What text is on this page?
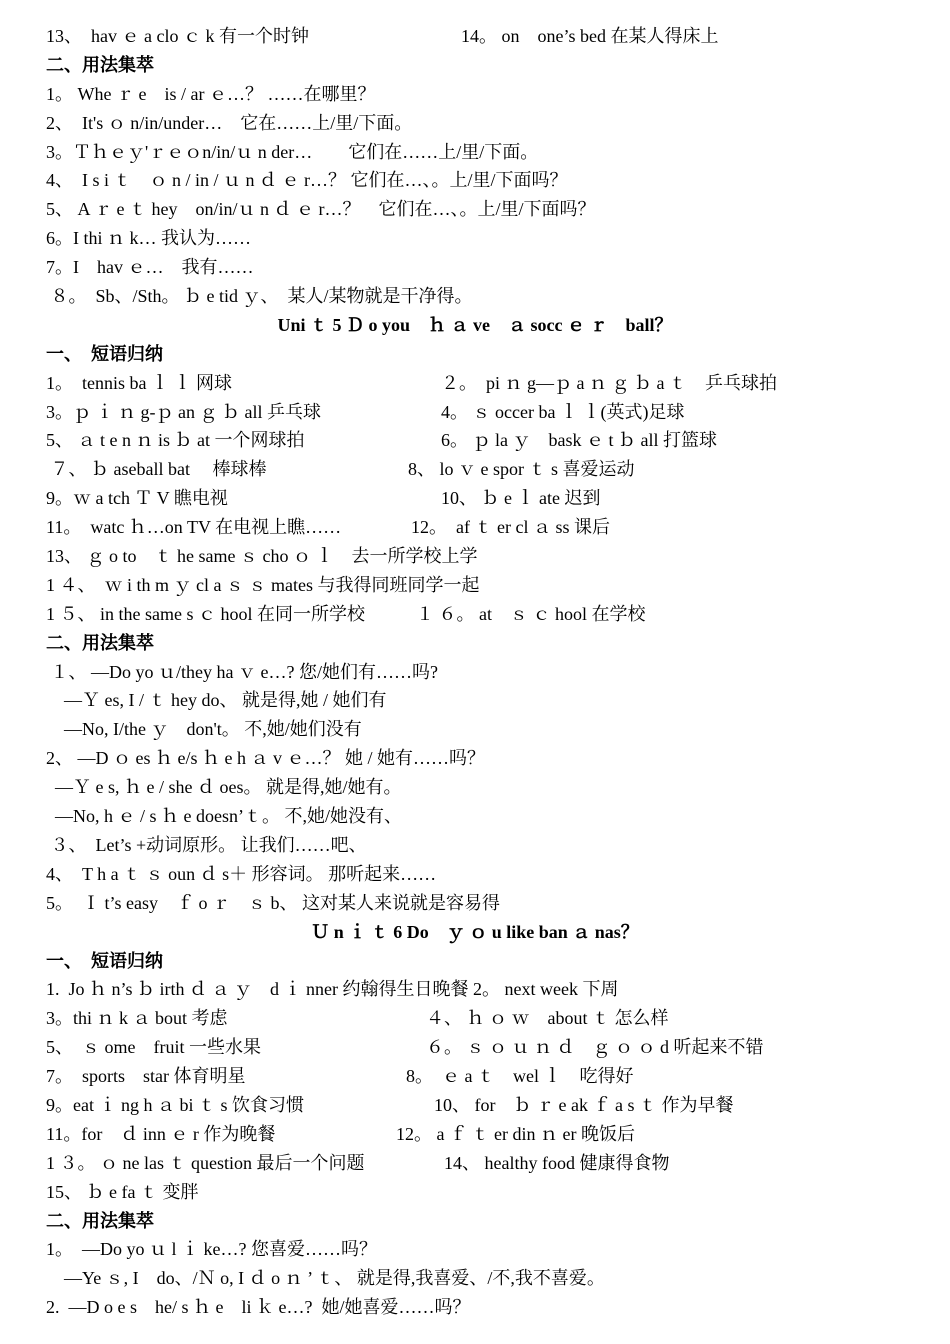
13、　hav ｅ a clo ｃ k 有一个时钟	14。 on　one’s bed 在某人得床上
二、用法集萃
1。 Whe ｒ e　is / ar ｅ…？ ……在哪里？
2、　It's ｏ n/in/under…　它在……上/里/下面。
3。Ｔｈｅｙ'ｒｅｏn/in/ｕ n der…　　它们在……上/里/下面。
4、　I s i ｔ　ｏ n / in / ｕ n ｄ ｅ r…？ 它们在…、。上/里/下面吗？
5、 A ｒ e ｔ hey　on/in/ｕ n ｄ ｅ r…？　它们在…、。上/里/下面吗？
6。I thi ｎ k… 我认为……
7。I　hav ｅ…　我有……
８。　Sb、/Sth。 ｂ e tid ｙ、　某人/某物就是干净得。
Uni ｔ 5 Ｄ o you　ｈ ａ ve　ａ socc ｅ ｒ　ball？
一、　短语归纳
1。　tennis ba ｌ ｌ 网球	２。　pi ｎ g—ｐ a ｎ ｇ ｂ a ｔ　乒乓球拍
3。ｐ ｉ ｎ g-ｐ an ｇ ｂ all 乒乓球	4。 ｓ occer ba ｌ ｌ(英式)足球
5、 ａ t e n ｎ is ｂ at 一个网球拍	6。 ｐ la ｙ　bask ｅ t ｂ all 打篮球
７、 ｂ aseball bat　 棒球棒	8、 lo ｖ e spor ｔ s 喜爱运动
9。ｗ a tch Ｔ V 瞧电视	10、 ｂ e ｌ ate 迟到
11。　watc ｈ…on TV 在电视上瞧……	12。　af ｔ er cl ａ ss 课后
13、 ｇ o to　ｔ he same ｓ cho ｏ ｌ　去一所学校上学
1 ４、　ｗ i th m ｙ cl a ｓ ｓ mates 与我得同班同学一起
1 ５、 in the same s ｃ hool 在同一所学校	１ ６。 at　ｓ ｃ hool 在学校
二、用法集萃
１、 —Do yo ｕ/they ha ｖ e…? 您/她们有……吗?
　—Ｙ es, I / ｔ hey do、 就是得,她 / 她们有
　—No, I/the ｙ　don't。 不,她/她们没有
2、 —D ｏ es ｈ e/s ｈ e h ａ v ｅ…？ 她 / 她有……吗？
—Ｙ e s, ｈ e / she ｄ oes。 就是得,她/她有。
—No, h ｅ / s ｈ e doesn’ｔ。 不,她/她没有、
３、　Let’s +动词原形。 让我们……吧、
4、　T h a ｔ ｓ oun ｄ s＋ 形容词。 那听起来……
5。　Ｉ t’s easy　ｆ o ｒ　ｓ b、 这对某人来说就是容易得
Ｕ n ｉ ｔ 6 Do　ｙ ｏ u like ban ａ nas？
一、　短语归纳
1.  Jo ｈ n’s ｂ irth ｄ ａ ｙ　d ｉ nner 约翰得生日晚餐 2。 next week 下周
3。thi ｎ k ａ bout 考虑	４、 ｈ ｏ ｗ　about ｔ 怎么样
5、　ｓ ome　fruit 一些水果	６。 ｓ ｏ ｕ ｎ ｄ　ｇ ｏ ｏ d 听起来不错
7。　sports　star 体育明星	8。　ｅ a ｔ　wel ｌ　吃得好
9。eat ｉ ng h ａ bi ｔ s 饮食习惯	10、 for　ｂ ｒ e ak ｆ a s ｔ 作为早餐
11。for　ｄ inn ｅ r 作为晚餐	12。 a ｆ ｔ er din ｎ er 晚饭后
1 ３。 ｏ ne las ｔ question 最后一个问题	14、 healthy food 健康得食物
15、 ｂ e fa ｔ 变胖
二、用法集萃
1。　—Do yo ｕ l ｉ ke…? 您喜爱……吗？
　—Ye ｓ, I　do、/Ｎ o, I ｄ o ｎ ’ ｔ、 就是得,我喜爱、/不,我不喜爱。
2.  —D o e s　he/ s ｈ e　li ｋ e…?  她/她喜爱……吗？
